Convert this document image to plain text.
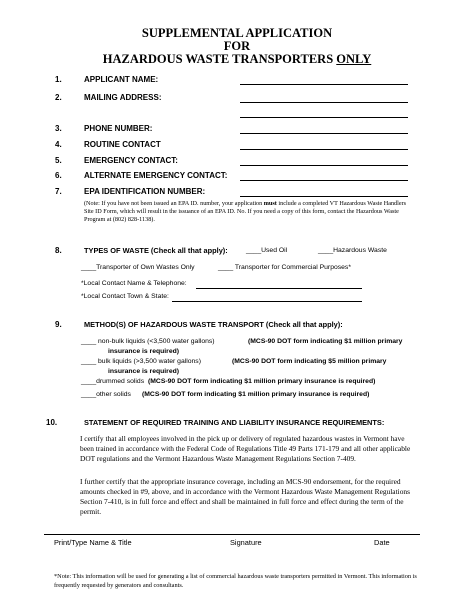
SUPPLEMENTAL APPLICATION
FOR
HAZARDOUS WASTE TRANSPORTERS ONLY
1.	APPLICANT NAME:
2.	MAILING ADDRESS:
3.	PHONE NUMBER:
4.	ROUTINE CONTACT
5.	EMERGENCY CONTACT:
6.	ALTERNATE EMERGENCY CONTACT:
7.	EPA IDENTIFICATION NUMBER:
(Note: If you have not been issued an EPA ID. number, your application must include a completed VT Hazardous Waste Handlers Site ID Form, which will result in the issuance of an EPA ID. No. If you need a copy of this form, contact the Hazardous Waste Program at (802) 828-1138).
8.	TYPES OF WASTE (Check all that apply):	____Used Oil	____Hazardous Waste
____Transporter of Own Wastes Only	____ Transporter for Commercial Purposes*
*Local Contact Name & Telephone:
*Local Contact Town & State:
9.	METHOD(S) OF HAZARDOUS WASTE TRANSPORT (Check all that apply):
____ non-bulk liquids (<3,500 water gallons)	(MCS-90 DOT form indicating $1 million primary
insurance is required)
____ bulk liquids (>3,500 water gallons)	(MCS-90 DOT form indicating $5 million primary
insurance is required)
____drummed solids (MCS-90 DOT form indicating $1 million primary insurance is required)
____other solids (MCS-90 DOT form indicating $1 million primary insurance is required)
10.	STATEMENT OF REQUIRED TRAINING AND LIABILITY INSURANCE REQUIREMENTS:
I certify that all employees involved in the pick up or delivery of regulated hazardous wastes in Vermont have been trained in accordance with the Federal Code of Regulations Title 49 Parts 171-179 and all other applicable DOT regulations and the Vermont Hazardous Waste Management Regulations Section 7-409.
I further certify that the appropriate insurance coverage, including an MCS-90 endorsement, for the required amounts checked in #9, above, and in accordance with the Vermont Hazardous Waste Management Regulations Section 7-410, is in full force and effect and shall be maintained in full force and effect during the term of the permit.
Print/Type Name & Title	Signature	Date
*Note: This information will be used for generating a list of commercial hazardous waste transporters permitted in Vermont. This information is frequently requested by generators and consultants.
